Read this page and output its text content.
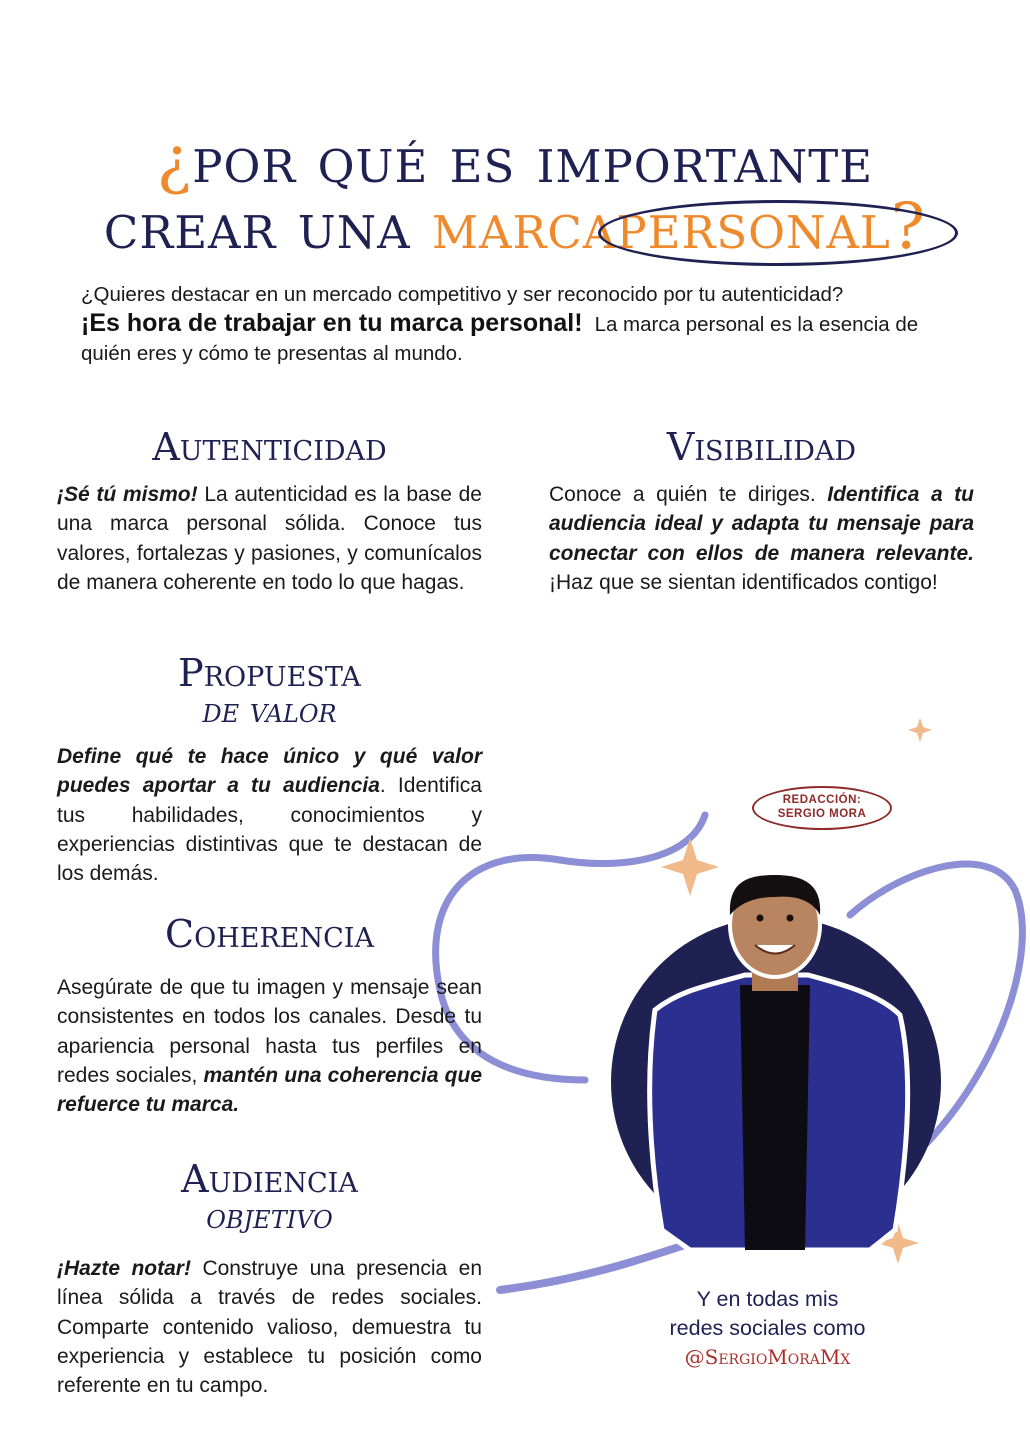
¿por qué es importante
crear una marca
personal?
¿Quieres destacar en un mercado competitivo y ser reconocido por tu autenticidad?
¡Es hora de trabajar en tu marca personal! La marca personal es la esencia de quién eres y cómo te presentas al mundo.
Autenticidad
¡Sé tú mismo! La autenticidad es la base de una marca personal sólida. Conoce tus valores, fortalezas y pasiones, y comunícalos de manera coherente en todo lo que hagas.
Visibilidad
Conoce a quién te diriges. Identifica a tu audiencia ideal y adapta tu mensaje para conectar con ellos de manera relevante. ¡Haz que se sientan identificados contigo!
Propuesta
de valor
Define qué te hace único y qué valor puedes aportar a tu audiencia. Identifica tus habilidades, conocimientos y experiencias distintivas que te destacan de los demás.
Coherencia
Asegúrate de que tu imagen y mensaje sean consistentes en todos los canales. Desde tu apariencia personal hasta tus perfiles en redes sociales, mantén una coherencia que refuerce tu marca.
Audiencia
objetivo
¡Hazte notar! Construye una presencia en línea sólida a través de redes sociales. Comparte contenido valioso, demuestra tu experiencia y establece tu posición como referente en tu campo.
REDACCIÓN:
SERGIO MORA
Y en todas mis
redes sociales como
@SergioMoraMx
